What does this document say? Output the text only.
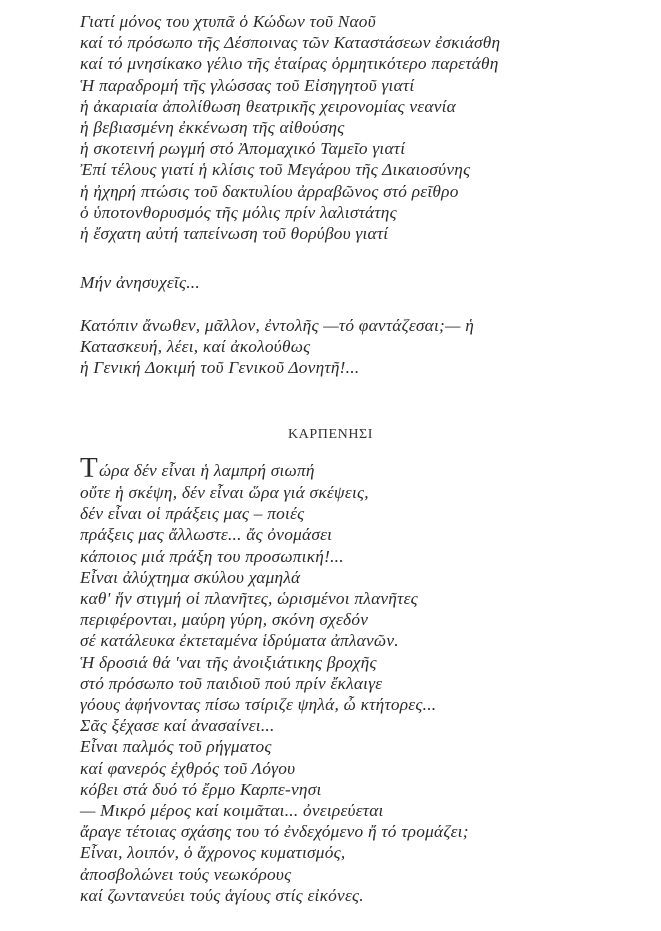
Γιατί μόνος του χτυπᾶ ὁ Κώδων τοῦ Ναοῦ
καί τό πρόσωπο τῆς Δέσποινας τῶν Καταστάσεων ἐσκιάσθη
καί τό μνησίκακο γέλιο τῆς ἑταίρας ὁρμητικότερο παρετάθη
Ἡ παραδρομή τῆς γλώσσας τοῦ Εἰσηγητοῦ γιατί
ἡ ἀκαριαία ἀπολίθωση θεατρικῆς χειρονομίας νεανία
ἡ βεβιασμένη ἐκκένωση τῆς αἰθούσης
ἡ σκοτεινή ρωγμή στό Ἀπομαχικό Ταμεῖο γιατί
Ἐπί τέλους γιατί ἡ κλίσις τοῦ Μεγάρου τῆς Δικαιοσύνης
ἡ ἠχηρή πτώσις τοῦ δακτυλίου ἀρραβῶνος στό ρεῖθρο
ὁ ὑποτονθορυσμός τῆς μόλις πρίν λαλιστάτης
ἡ ἔσχατη αὐτή ταπείνωση τοῦ θορύβου γιατί
Μήν ἀνησυχεῖς...
Κατόπιν ἄνωθεν, μᾶλλον, ἐντολῆς —τό φαντάζεσαι;— ἡ
Κατασκευή, λέει, καί ἀκολούθως
ἡ Γενική Δοκιμή τοῦ Γενικοῦ Δονητῆ!...
ΚΑΡΠΕΝΗΣΙ
Τώρα δέν εἶναι ἡ λαμπρή σιωπή
οὔτε ἡ σκέψη, δέν εἶναι ὥρα γιά σκέψεις,
δέν εἶναι οἱ πράξεις μας – ποιές
πράξεις μας ἄλλωστε... ἄς ὀνομάσει
κάποιος μιά πράξη του προσωπική!...
Εἶναι ἀλύχτημα σκύλου χαμηλά
καθ' ἥν στιγμή οἱ πλανῆτες, ὡρισμένοι πλανῆτες
περιφέρονται, μαύρη γύρη, σκόνη σχεδόν
σέ κατάλευκα ἐκτεταμένα ἱδρύματα ἀπλανῶν.
Ἡ δροσιά θά 'ναι τῆς ἀνοιξιάτικης βροχῆς
στό πρόσωπο τοῦ παιδιοῦ πού πρίν ἔκλαιγε
γόους ἀφήνοντας πίσω τσίριζε ψηλά, ὦ κτήτορες...
Σᾶς ξέχασε καί ἀνασαίνει...
Εἶναι παλμός τοῦ ρήγματος
καί φανερός ἐχθρός τοῦ Λόγου
κόβει στά δυό τό ἔρμο Καρπε-νησι
— Μικρό μέρος καί κοιμᾶται... ὀνειρεύεται
ἄραγε τέτοιας σχάσης του τό ἐνδεχόμενο ἤ τό τρομάζει;
Εἶναι, λοιπόν, ὁ ἄχρονος κυματισμός,
ἀποσβολώνει τούς νεωκόρους
καί ζωντανεύει τούς ἁγίους στίς εἰκόνες.
